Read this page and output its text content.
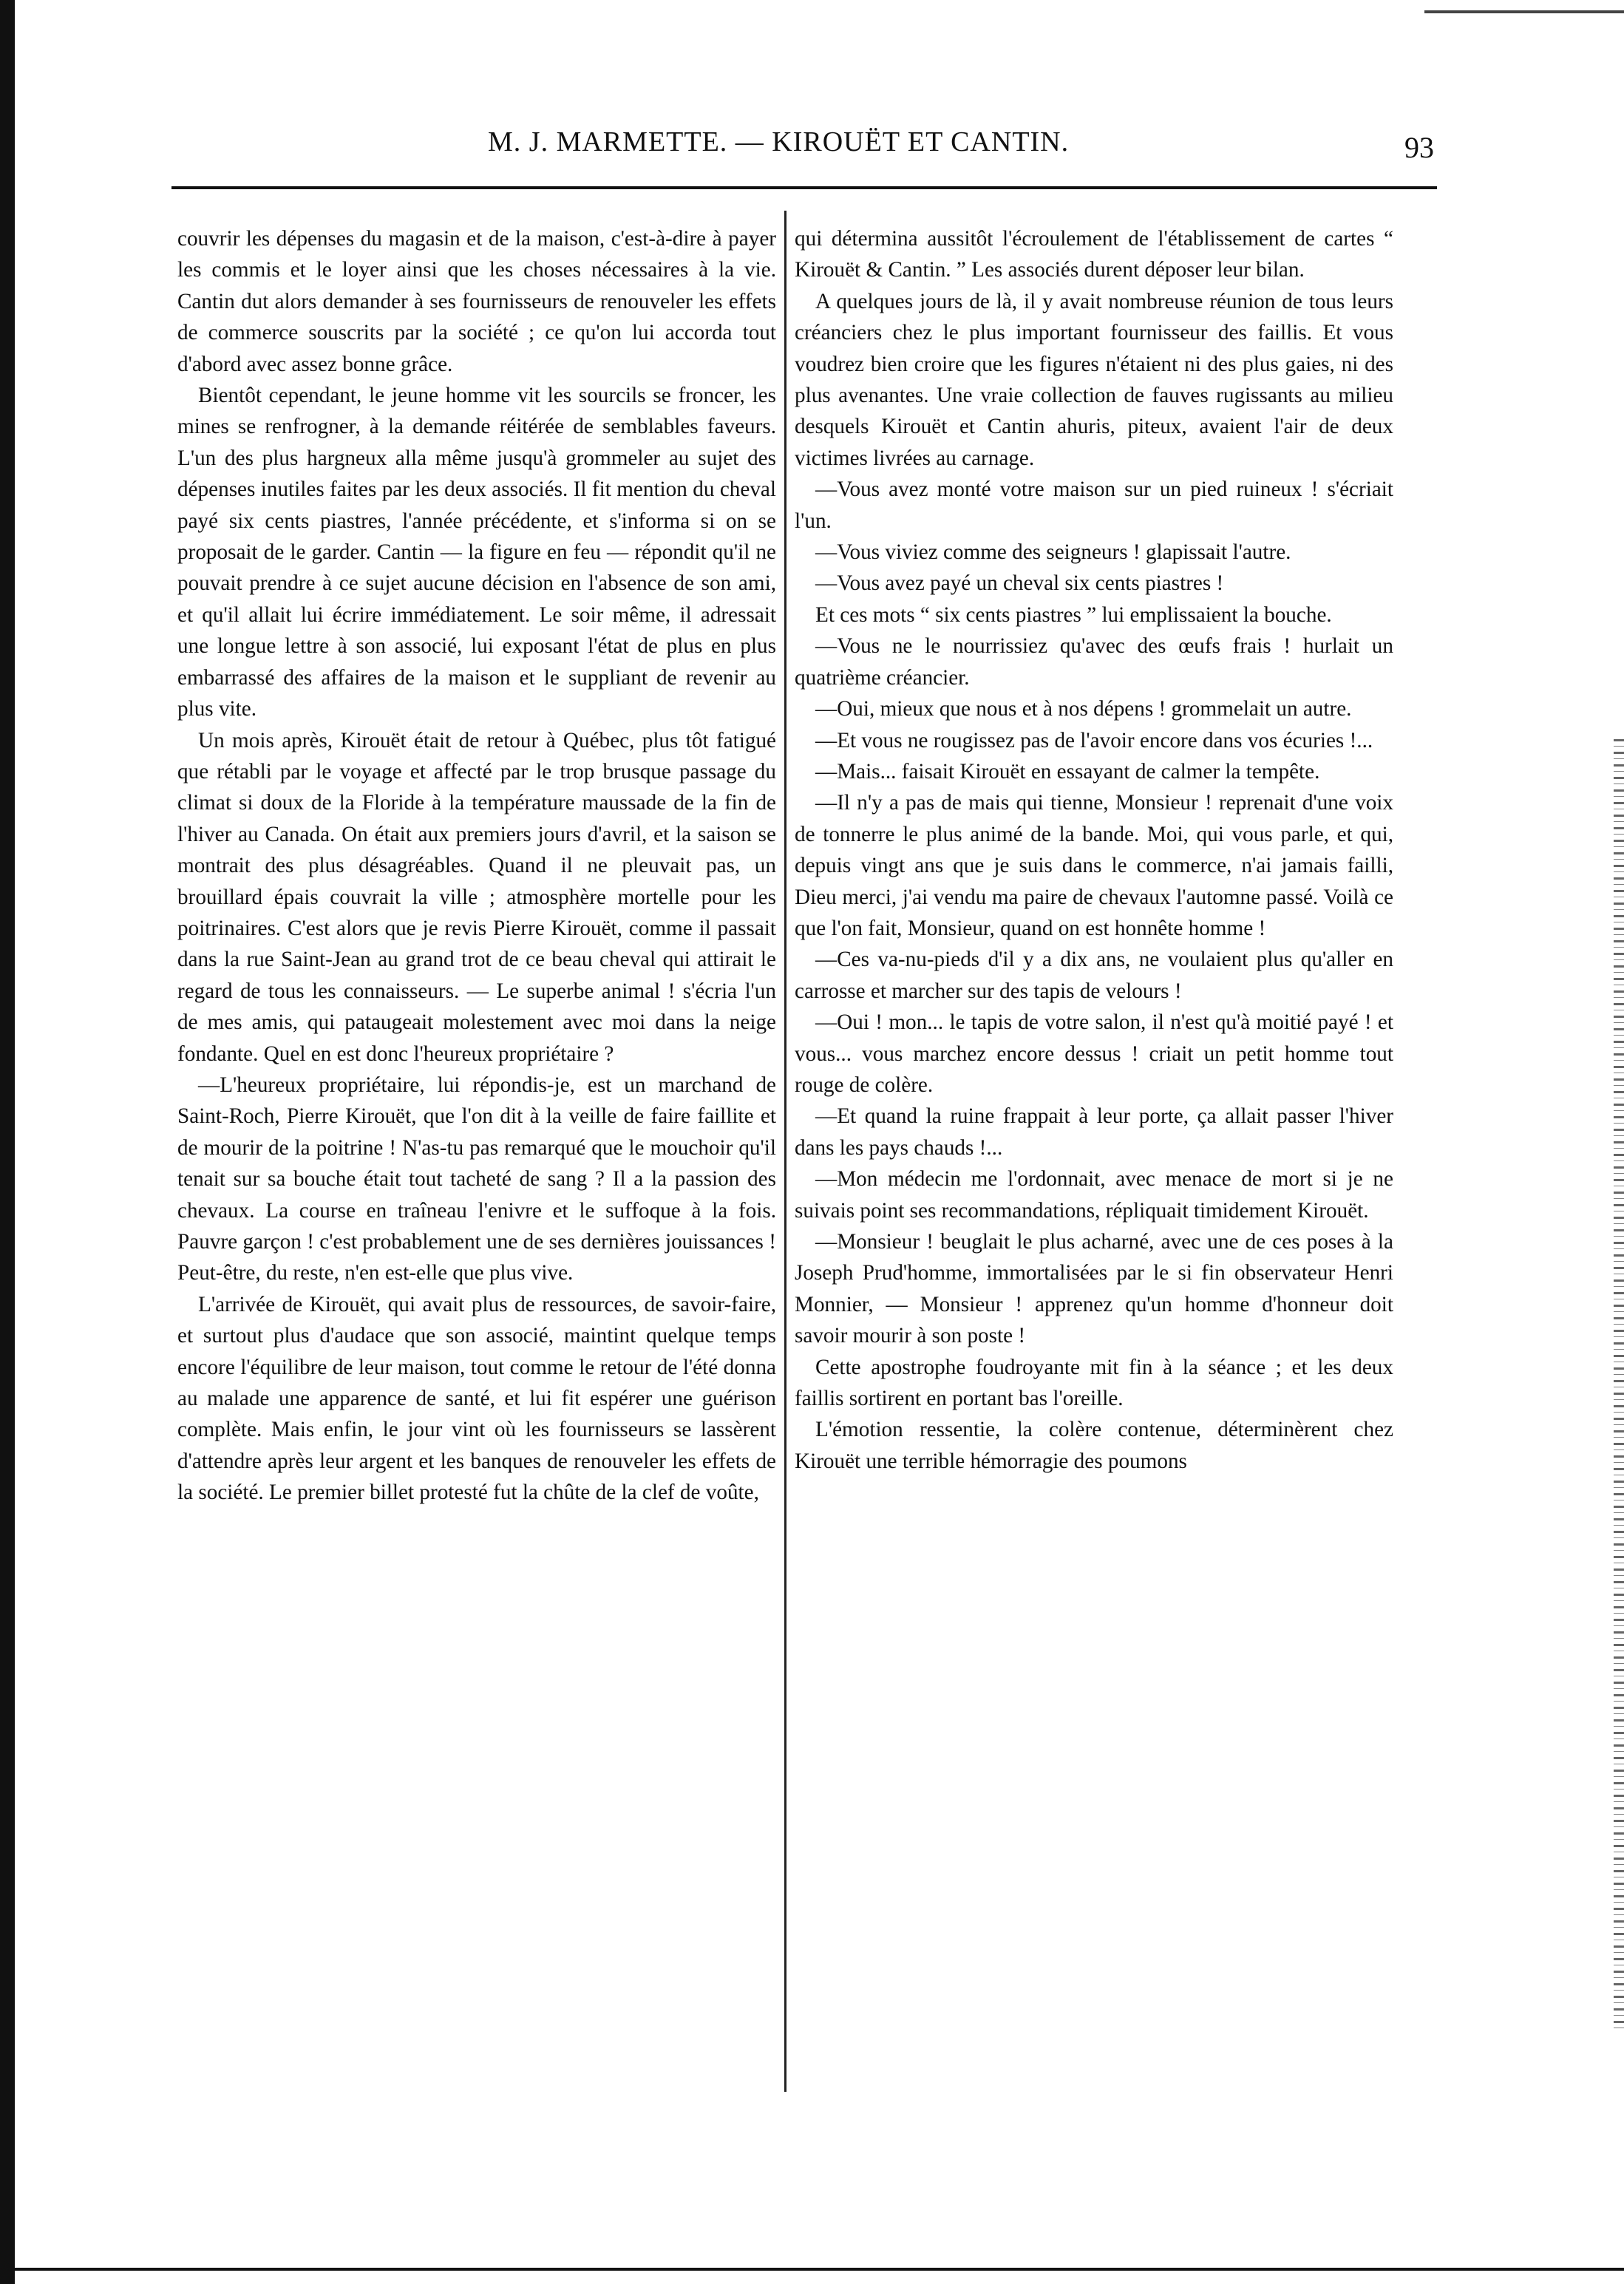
M. J. MARMETTE. — KIROUËT ET CANTIN.	93

couvrir les dépenses du magasin et de la maison, c'est-à-dire à payer les commis et le loyer ainsi que les choses nécessaires à la vie. Cantin dut alors demander à ses fournisseurs de renouveler les effets de commerce souscrits par la société ; ce qu'on lui accorda tout d'abord avec assez bonne grâce.

Bientôt cependant, le jeune homme vit les sourcils se froncer, les mines se renfrogner, à la demande réitérée de semblables faveurs. L'un des plus hargneux alla même jusqu'à grommeler au sujet des dépenses inutiles faites par les deux associés. Il fit mention du cheval payé six cents piastres, l'année précédente, et s'informa si on se proposait de le garder. Cantin — la figure en feu — répondit qu'il ne pouvait prendre à ce sujet aucune décision en l'absence de son ami, et qu'il allait lui écrire immédiatement. Le soir même, il adressait une longue lettre à son associé, lui exposant l'état de plus en plus embarrassé des affaires de la maison et le suppliant de revenir au plus vite.

Un mois après, Kirouët était de retour à Québec, plus tôt fatigué que rétabli par le voyage et affecté par le trop brusque passage du climat si doux de la Floride à la température maussade de la fin de l'hiver au Canada. On était aux premiers jours d'avril, et la saison se montrait des plus désagréables. Quand il ne pleuvait pas, un brouillard épais couvrait la ville ; atmosphère mortelle pour les poitrinaires. C'est alors que je revis Pierre Kirouët, comme il passait dans la rue Saint-Jean au grand trot de ce beau cheval qui attirait le regard de tous les connaisseurs. — Le superbe animal ! s'écria l'un de mes amis, qui pataugeait molestement avec moi dans la neige fondante. Quel en est donc l'heureux propriétaire ?

—L'heureux propriétaire, lui répondis-je, est un marchand de Saint-Roch, Pierre Kirouët, que l'on dit à la veille de faire faillite et de mourir de la poitrine ! N'as-tu pas remarqué que le mouchoir qu'il tenait sur sa bouche était tout tacheté de sang ? Il a la passion des chevaux. La course en traîneau l'enivre et le suffoque à la fois. Pauvre garçon ! c'est probablement une de ses dernières jouissances ! Peut-être, du reste, n'en est-elle que plus vive.

L'arrivée de Kirouët, qui avait plus de ressources, de savoir-faire, et surtout plus d'audace que son associé, maintint quelque temps encore l'équilibre de leur maison, tout comme le retour de l'été donna au malade une apparence de santé, et lui fit espérer une guérison complète. Mais enfin, le jour vint où les fournisseurs se lassèrent d'attendre après leur argent et les banques de renouveler les effets de la société. Le premier billet protesté fut la chûte de la clef de voûte,

qui détermina aussitôt l'écroulement de l'établissement de cartes “ Kirouët & Cantin. ” Les associés durent déposer leur bilan.

A quelques jours de là, il y avait nombreuse réunion de tous leurs créanciers chez le plus important fournisseur des faillis. Et vous voudrez bien croire que les figures n'étaient ni des plus gaies, ni des plus avenantes. Une vraie collection de fauves rugissants au milieu desquels Kirouët et Cantin ahuris, piteux, avaient l'air de deux victimes livrées au carnage.

—Vous avez monté votre maison sur un pied ruineux ! s'écriait l'un.

—Vous viviez comme des seigneurs ! glapissait l'autre.

—Vous avez payé un cheval six cents piastres !

Et ces mots “ six cents piastres ” lui emplissaient la bouche.

—Vous ne le nourrissiez qu'avec des œufs frais ! hurlait un quatrième créancier.

—Oui, mieux que nous et à nos dépens ! grommelait un autre.

—Et vous ne rougissez pas de l'avoir encore dans vos écuries !...

—Mais... faisait Kirouët en essayant de calmer la tempête.

—Il n'y a pas de mais qui tienne, Monsieur ! reprenait d'une voix de tonnerre le plus animé de la bande. Moi, qui vous parle, et qui, depuis vingt ans que je suis dans le commerce, n'ai jamais failli, Dieu merci, j'ai vendu ma paire de chevaux l'automne passé. Voilà ce que l'on fait, Monsieur, quand on est honnête homme !

—Ces va-nu-pieds d'il y a dix ans, ne voulaient plus qu'aller en carrosse et marcher sur des tapis de velours !

—Oui ! mon... le tapis de votre salon, il n'est qu'à moitié payé ! et vous... vous marchez encore dessus ! criait un petit homme tout rouge de colère.

—Et quand la ruine frappait à leur porte, ça allait passer l'hiver dans les pays chauds !...

—Mon médecin me l'ordonnait, avec menace de mort si je ne suivais point ses recommandations, répliquait timidement Kirouët.

—Monsieur ! beuglait le plus acharné, avec une de ces poses à la Joseph Prud'homme, immortalisées par le si fin observateur Henri Monnier, — Monsieur ! apprenez qu'un homme d'honneur doit savoir mourir à son poste !

Cette apostrophe foudroyante mit fin à la séance ; et les deux faillis sortirent en portant bas l'oreille.

L'émotion ressentie, la colère contenue, déterminèrent chez Kirouët une terrible hémorragie des poumons
